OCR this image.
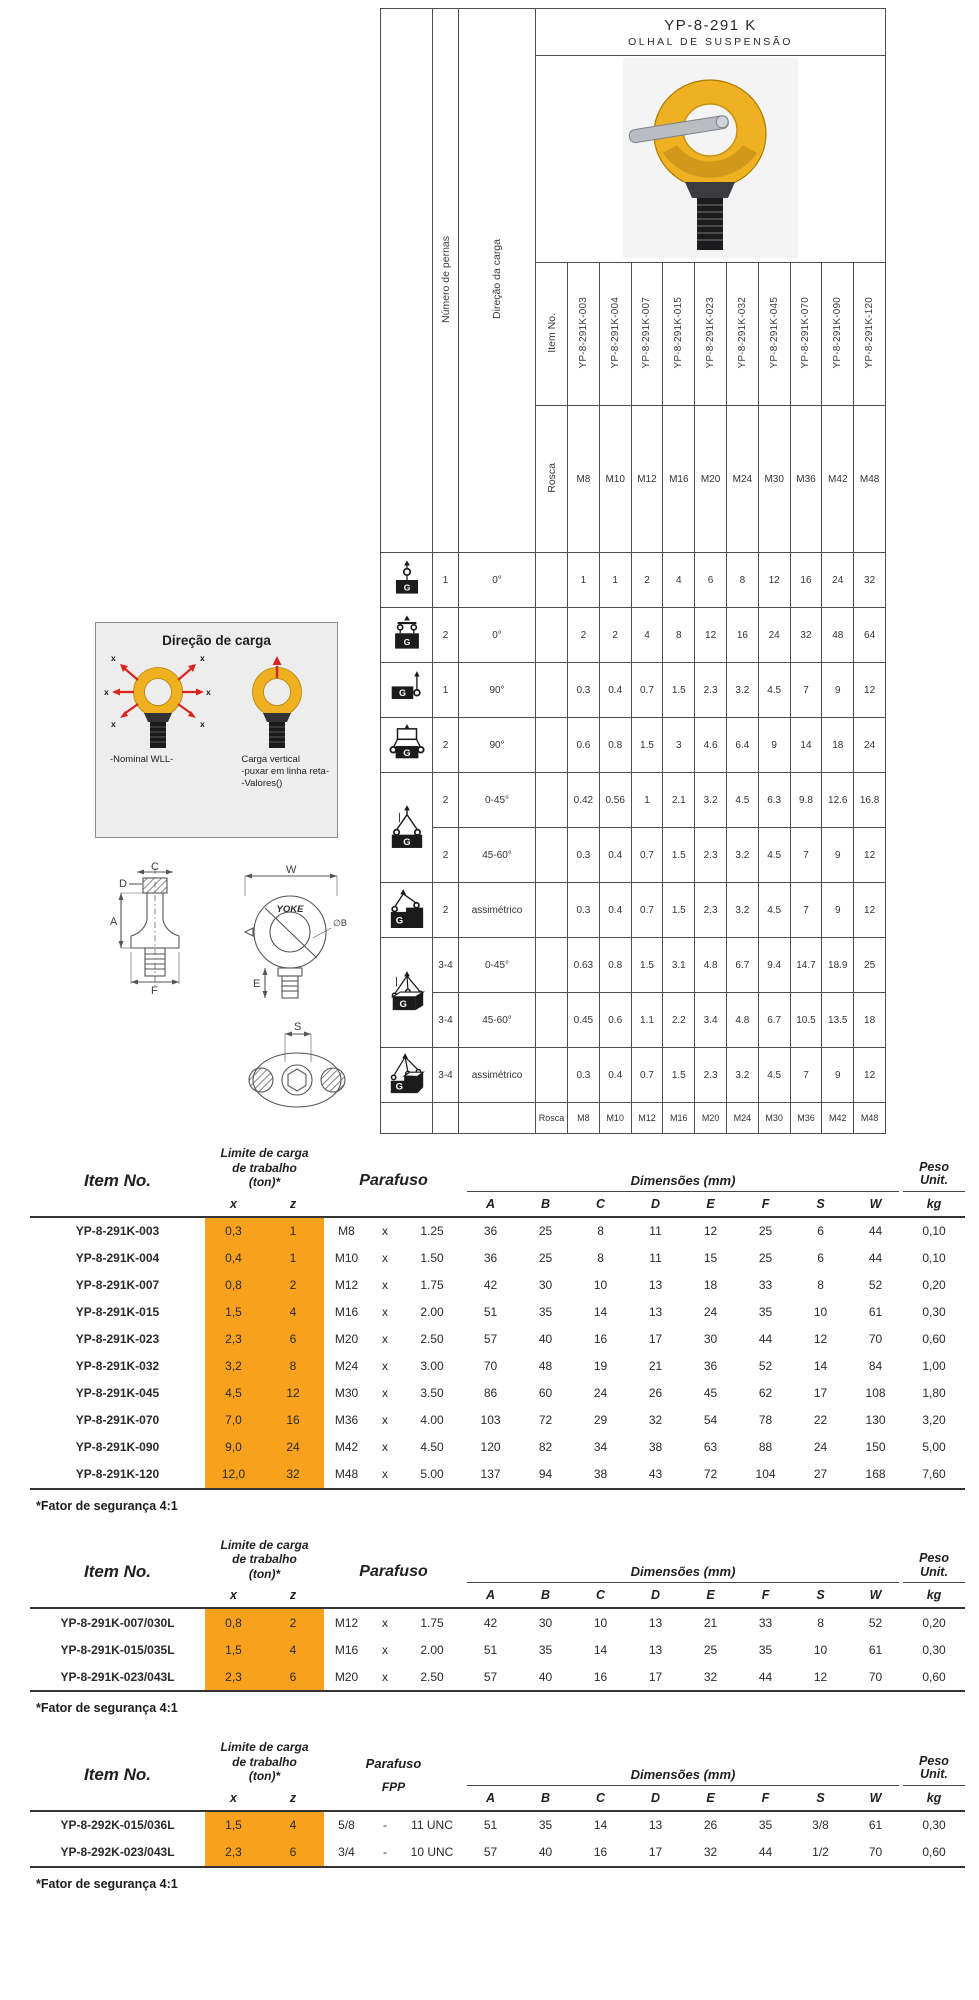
	Número de pernas	Direção da carga	YP-8-291 K
OLHAL DE SUSPENSÃO										

			Item No.	YP-8-291K-003	YP-8-291K-004	YP-8-291K-007	YP-8-291K-015	YP-8-291K-023	YP-8-291K-032	YP-8-291K-045	YP-8-291K-070	YP-8-291K-090	YP-8-291K-120
			Rosca	M8	M10	M12	M16	M20	M24	M30	M36	M42	M48

G	1	0°		1	1	2	4	6	8	12	16	24	32

G	2	0°		2	2	4	8	12	16	24	32	48	64

G	1	90°		0.3	0.4	0.7	1.5	2.3	3.2	4.5	7	9	12

G	2	90°		0.6	0.8	1.5	3	4.6	6.4	9	14	18	24

G	2	0-45°		0.42	0.56	1	2.1	3.2	4.5	6.3	9.8	12.6	16.8
	2	45-60°		0.3	0.4	0.7	1.5	2.3	3.2	4.5	7	9	12

G	2	assimétrico		0.3	0.4	0.7	1.5	2.3	3.2	4.5	7	9	12

G	3-4	0-45°		0.63	0.8	1.5	3.1	4.8	6.7	9.4	14.7	18.9	25
	3-4	45-60°		0.45	0.6	1.1	2.2	3.4	4.8	6.7	10.5	13.5	18

G	3-4	assimétrico		0.3	0.4	0.7	1.5	2.3	3.2	4.5	7	9	12
			Rosca	M8	M10	M12	M16	M20	M24	M30	M36	M42	M48
Direção de carga
x
x
x
x
x
x
-Nominal WLL-	Carga vertical
-puxar em linha reta-
-Valores()
C
D
A
F
W
E
∅B
S
YOKE
Item No.	
Limite de carga
de trabalho
(ton)*	Parafuso	Dimensões (mm)

Peso
Unit.

	x	z				A	B	C	D	E	F	S	W	kg
YP-8-291K-003	0,3	1	M8	x	1.25	36	25	8	11	12	25	6	44	0,10
YP-8-291K-004	0,4	1	M10	x	1.50	36	25	8	11	15	25	6	44	0,10
YP-8-291K-007	0,8	2	M12	x	1.75	42	30	10	13	18	33	8	52	0,20
YP-8-291K-015	1,5	4	M16	x	2.00	51	35	14	13	24	35	10	61	0,30
YP-8-291K-023	2,3	6	M20	x	2.50	57	40	16	17	30	44	12	70	0,60
YP-8-291K-032	3,2	8	M24	x	3.00	70	48	19	21	36	52	14	84	1,00
YP-8-291K-045	4,5	12	M30	x	3.50	86	60	24	26	45	62	17	108	1,80
YP-8-291K-070	7,0	16	M36	x	4.00	103	72	29	32	54	78	22	130	3,20
YP-8-291K-090	9,0	24	M42	x	4.50	120	82	34	38	63	88	24	150	5,00
YP-8-291K-120	12,0	32	M48	x	5.00	137	94	38	43	72	104	27	168	7,60
*Fator de segurança 4:1
Item No.	
Limite de carga
de trabalho
(ton)*	Parafuso	Dimensões (mm)

Peso
Unit.

	x	z				A	B	C	D	E	F	S	W	kg
YP-8-291K-007/030L	0,8	2	M12	x	1.75	42	30	10	13	21	33	8	52	0,20
YP-8-291K-015/035L	1,5	4	M16	x	2.00	51	35	14	13	25	35	10	61	0,30
YP-8-291K-023/043L	2,3	6	M20	x	2.50	57	40	16	17	32	44	12	70	0,60
*Fator de segurança 4:1
Item No.	
Limite de carga
de trabalho
(ton)*

Parafuso
FPP

Dimensões (mm)

Peso
Unit.

	x	z				A	B	C	D	E	F	S	W	kg
YP-8-292K-015/036L	1,5	4	5/8	-	11 UNC	51	35	14	13	26	35	3/8	61	0,30
YP-8-292K-023/043L	2,3	6	3/4	-	10 UNC	57	40	16	17	32	44	1/2	70	0,60
*Fator de segurança 4:1
